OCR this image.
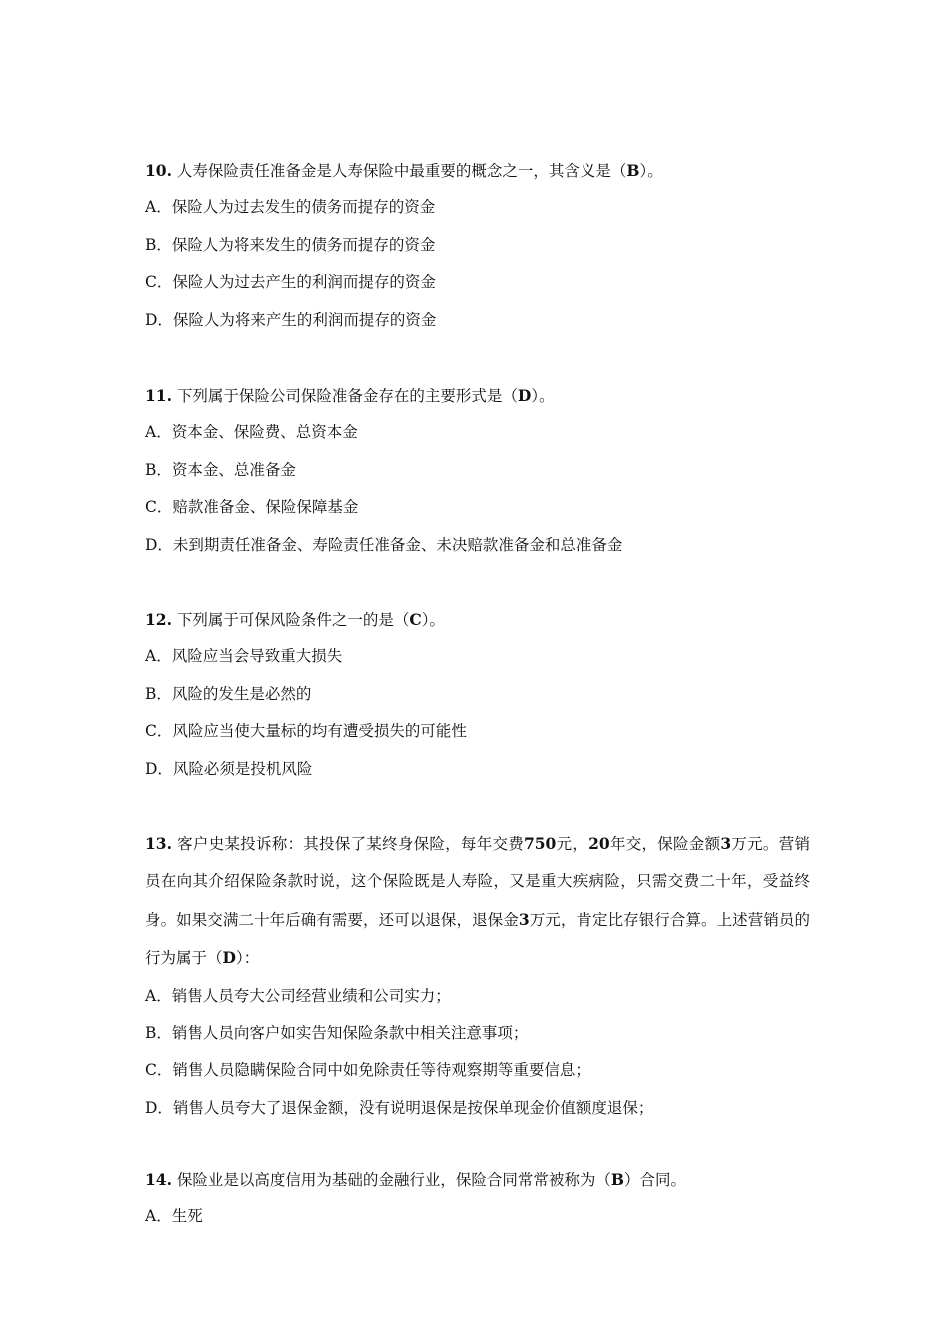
10. 人寿保险责任准备金是人寿保险中最重要的概念之一，其含义是（B）。
A．保险人为过去发生的债务而提存的资金
B．保险人为将来发生的债务而提存的资金
C．保险人为过去产生的利润而提存的资金
D．保险人为将来产生的利润而提存的资金
11. 下列属于保险公司保险准备金存在的主要形式是（D）。
A．资本金、保险费、总资本金
B．资本金、总准备金
C．赔款准备金、保险保障基金
D．未到期责任准备金、寿险责任准备金、未决赔款准备金和总准备金
12. 下列属于可保风险条件之一的是（C）。
A．风险应当会导致重大损失
B．风险的发生是必然的
C．风险应当使大量标的均有遭受损失的可能性
D．风险必须是投机风险
13. 客户史某投诉称：其投保了某终身保险，每年交费750元，20年交，保险金额3万元。营销员在向其介绍保险条款时说，这个保险既是人寿险，又是重大疾病险，只需交费二十年，受益终身。如果交满二十年后确有需要，还可以退保，退保金3万元，肯定比存银行合算。上述营销员的行为属于（D）：
A．销售人员夸大公司经营业绩和公司实力；
B．销售人员向客户如实告知保险条款中相关注意事项；
C．销售人员隐瞒保险合同中如免除责任等待观察期等重要信息；
D．销售人员夸大了退保金额，没有说明退保是按保单现金价值额度退保；
14. 保险业是以高度信用为基础的金融行业，保险合同常常被称为（B）合同。
A．生死
